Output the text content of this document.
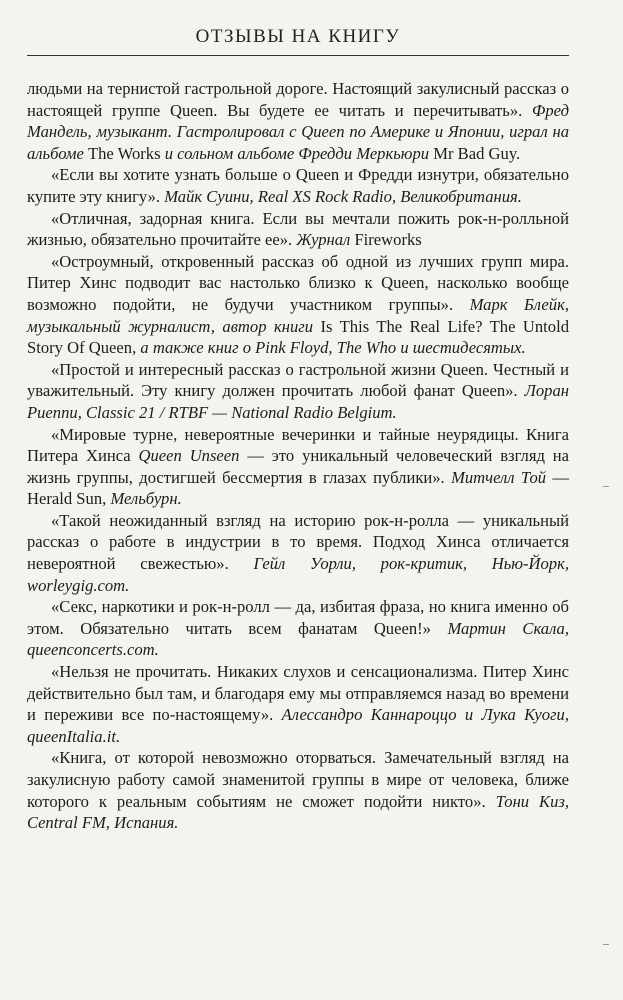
ОТЗЫВЫ НА КНИГУ

людьми на тернистой гастрольной дороге. Настоящий закулисный рассказ о настоящей группе Queen. Вы будете ее читать и перечитывать». Фред Мандель, музыкант. Гастролировал с Queen по Америке и Японии, играл на альбоме The Works и сольном альбоме Фредди Меркьюри Mr Bad Guy.

«Если вы хотите узнать больше о Queen и Фредди изнутри, обязательно купите эту книгу». Майк Суини, Real XS Rock Radio, Великобритания.

«Отличная, задорная книга. Если вы мечтали пожить рок-н-ролльной жизнью, обязательно прочитайте ее». Журнал Fireworks

«Остроумный, откровенный рассказ об одной из лучших групп мира. Питер Хинс подводит вас настолько близко к Queen, насколько вообще возможно подойти, не будучи участником группы». Марк Блейк, музыкальный журналист, автор книги Is This The Real Life? The Untold Story Of Queen, а также книг о Pink Floyd, The Who и шестидесятых.

«Простой и интересный рассказ о гастрольной жизни Queen. Честный и уважительный. Эту книгу должен прочитать любой фанат Queen». Лоран Риеппи, Classic 21 / RTBF — National Radio Belgium.

«Мировые турне, невероятные вечеринки и тайные неурядицы. Книга Питера Хинса Queen Unseen — это уникальный человеческий взгляд на жизнь группы, достигшей бессмертия в глазах публики». Митчелл Той — Herald Sun, Мельбурн.

«Такой неожиданный взгляд на историю рок-н-ролла — уникальный рассказ о работе в индустрии в то время. Подход Хинса отличается невероятной свежестью». Гейл Уорли, рок-критик, Нью-Йорк, worleygig.com.

«Секс, наркотики и рок-н-ролл — да, избитая фраза, но книга именно об этом. Обязательно читать всем фанатам Queen!» Мартин Скала, queenconcerts.com.

«Нельзя не прочитать. Никаких слухов и сенсационализма. Питер Хинс действительно был там, и благодаря ему мы отправляемся назад во времени и переживи все по-настоящему». Алессандро Каннароццо и Лука Куоги, queenItalia.it.

«Книга, от которой невозможно оторваться. Замечательный взгляд на закулисную работу самой знаменитой группы в мире от человека, ближе которого к реальным событиям не сможет подойти никто». Тони Киз, Central FM, Испания.
